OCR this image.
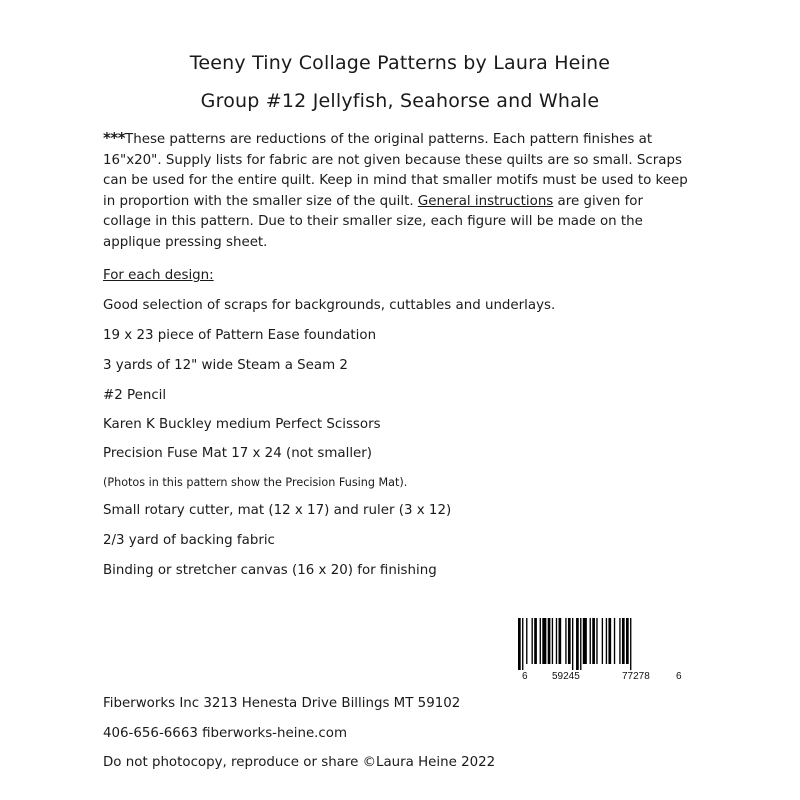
Teeny Tiny Collage Patterns by Laura Heine
Group #12 Jellyfish, Seahorse and Whale
***These patterns are reductions of the original patterns. Each pattern finishes at 16"x20". Supply lists for fabric are not given because these quilts are so small. Scraps can be used for the entire quilt. Keep in mind that smaller motifs must be used to keep in proportion with the smaller size of the quilt. General instructions are given for collage in this pattern. Due to their smaller size, each figure will be made on the applique pressing sheet.
For each design:
Good selection of scraps for backgrounds, cuttables and underlays.
19 x 23 piece of Pattern Ease foundation
3 yards of 12" wide Steam a Seam 2
#2 Pencil
Karen K Buckley medium Perfect Scissors
Precision Fuse Mat 17 x 24 (not smaller)
(Photos in this pattern show the Precision Fusing Mat).
Small rotary cutter, mat (12 x 17) and ruler (3 x 12)
2/3 yard of backing fabric
Binding or stretcher canvas (16 x 20) for finishing
6 59245	77278	6
Fiberworks Inc 3213 Henesta Drive Billings MT 59102
406-656-6663 fiberworks-heine.com
Do not photocopy, reproduce or share ©Laura Heine 2022
